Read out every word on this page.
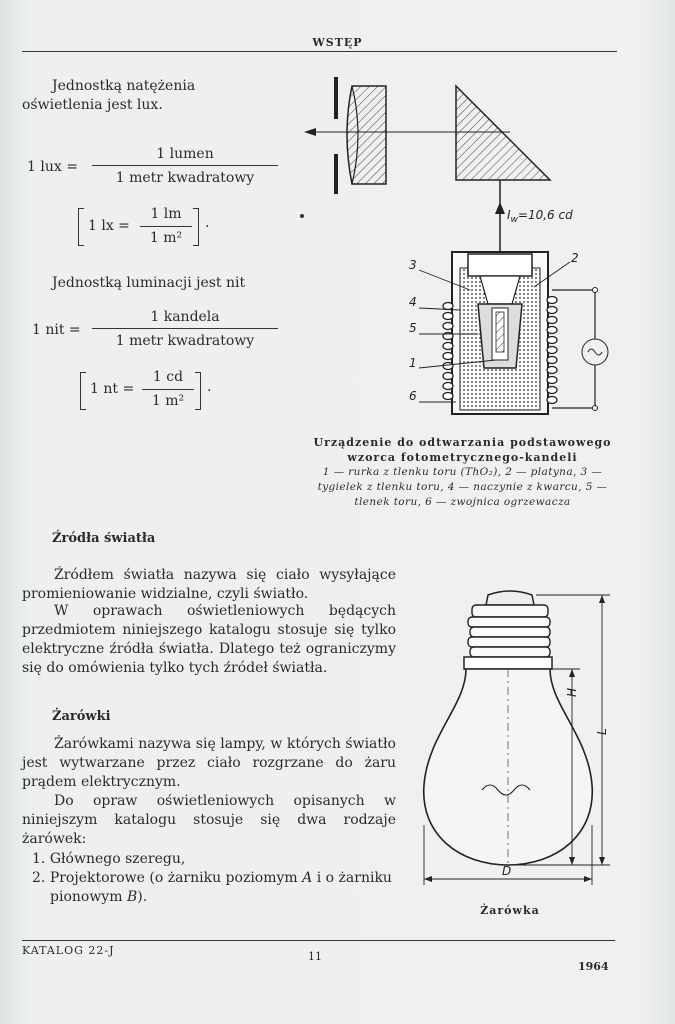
WSTĘP
Jednostką natężenia oświetlenia jest lux.
1 lux =
1 lumen
1 metr kwadratowy
1 lx =
1 lm
1 m²
.
Jednostką luminacji jest nit
1 nit =
1 kandela
1 metr kwadratowy
1 nt =
1 cd
1 m²
.
$I_w=10,6$ cd
3	2
4
5
1
6
Urządzenie do odtwarzania podstawowego wzorca fotometrycznego-kandeli
1 — rurka z tlenku toru (ThO₂), 2 — platyna, 3 — tygielek z tlenku toru, 4 — naczynie z kwarcu, 5 — tlenek toru, 6 — zwojnica ogrzewacza
Źródła światła
Źródłem światła nazywa się ciało wysyłające promieniowanie widzialne, czyli światło.
W oprawach oświetleniowych będących przedmiotem niniejszego katalogu stosuje się tylko elektryczne źródła światła. Dlatego też ograniczymy się do omówienia tylko tych źródeł światła.
Żarówki
Żarówkami nazywa się lampy, w których światło jest wytwarzane przez ciało rozgrzane do żaru prądem elektrycznym.
Do opraw oświetleniowych opisanych w niniejszym katalogu stosuje się dwa rodzaje żarówek:
1. Głównego szeregu,
2. Projektorowe (o żarniku poziomym A i o żarniku pionowym B).
H
L
D
Żarówka
KATALOG 22-J	11
1964
